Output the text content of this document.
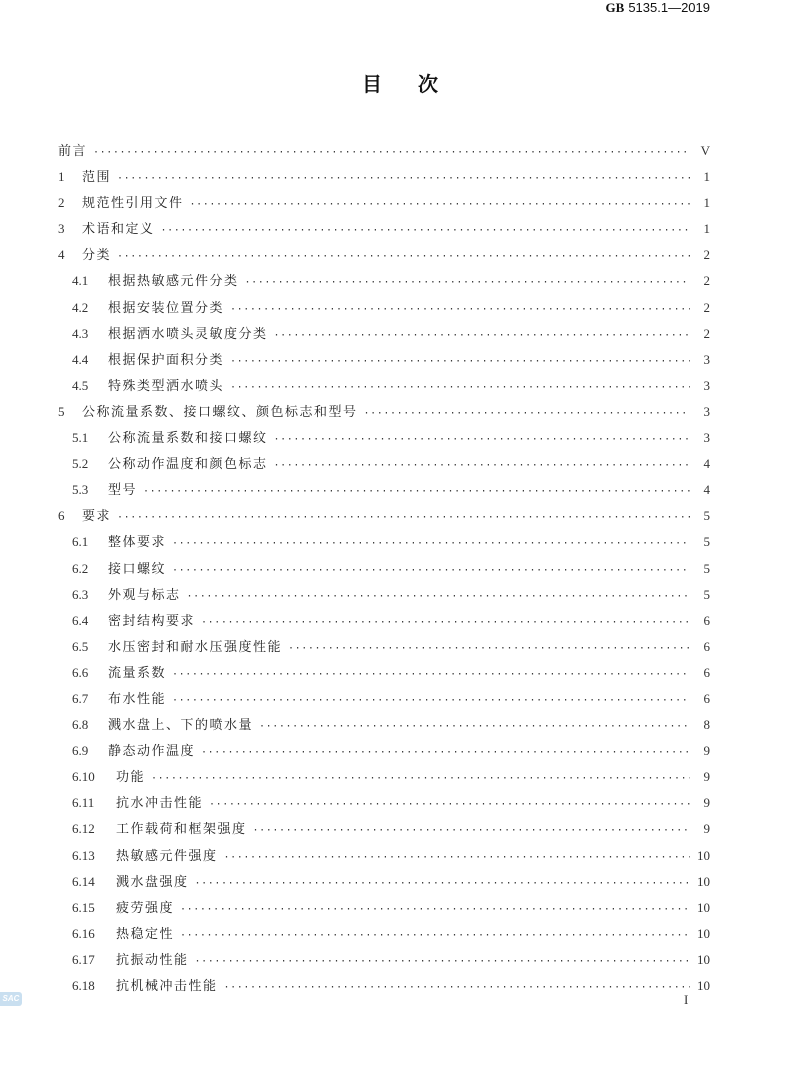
GB 5135.1—2019
目次
前言 ·····	V
1	范围 ·····	1
2	规范性引用文件 ·····	1
3	术语和定义 ·····	1
4	分类 ·····	2
4.1	根据热敏感元件分类 ·····	2
4.2	根据安装位置分类 ·····	2
4.3	根据洒水喷头灵敏度分类 ·····	2
4.4	根据保护面积分类 ·····	3
4.5	特殊类型洒水喷头 ·····	3
5	公称流量系数、接口螺纹、颜色标志和型号 ·····	3
5.1	公称流量系数和接口螺纹 ·····	3
5.2	公称动作温度和颜色标志 ·····	4
5.3	型号 ·····	4
6	要求 ·····	5
6.1	整体要求 ·····	5
6.2	接口螺纹 ·····	5
6.3	外观与标志 ·····	5
6.4	密封结构要求 ·····	6
6.5	水压密封和耐水压强度性能 ·····	6
6.6	流量系数 ·····	6
6.7	布水性能 ·····	6
6.8	溅水盘上、下的喷水量 ·····	8
6.9	静态动作温度 ·····	9
6.10	功能 ·····	9
6.11	抗水冲击性能 ·····	9
6.12	工作载荷和框架强度 ·····	9
6.13	热敏感元件强度 ·····	10
6.14	溅水盘强度 ·····	10
6.15	疲劳强度 ·····	10
6.16	热稳定性 ·····	10
6.17	抗振动性能 ·····	10
6.18	抗机械冲击性能 ·····	10
SAC	I
